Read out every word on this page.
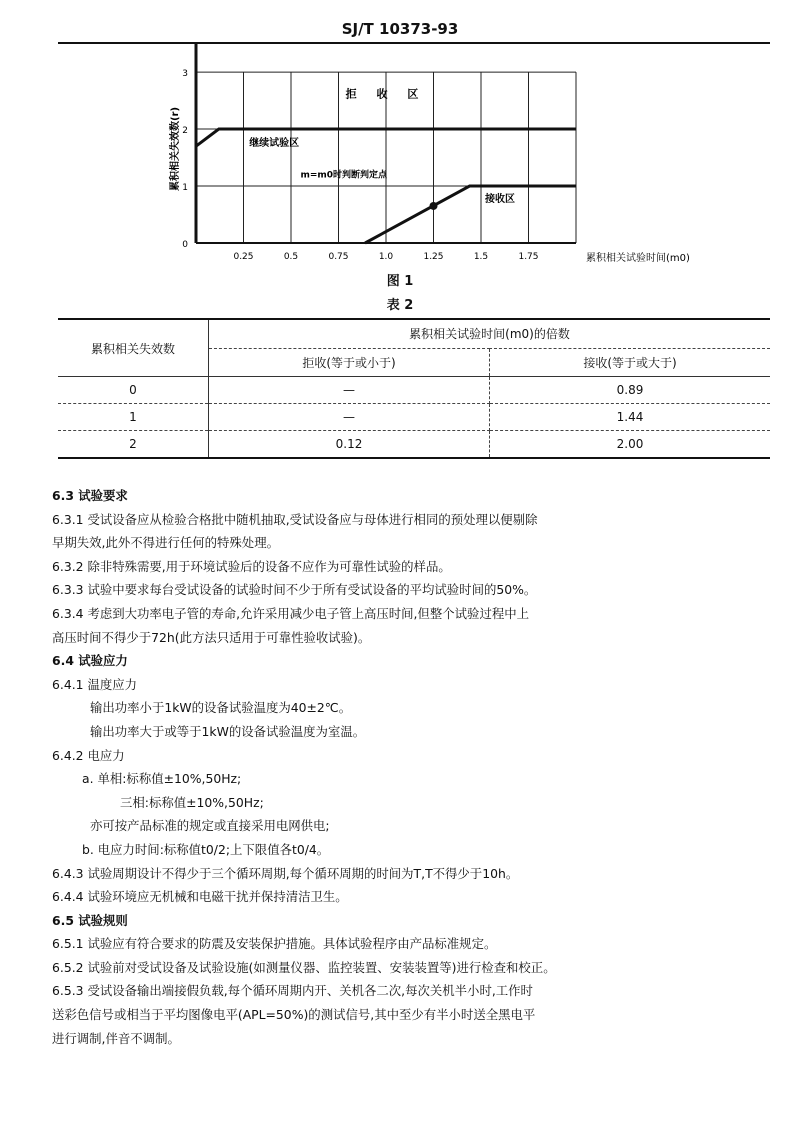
SJ/T 10373-93
0
1
2
3
0.25	0.5	0.75	1.0	1.25	1.5	1.75	累积相关试验时间(m0)
累积相关失效数(r)
拒 收 区
继续试验区
接收区
m=m0时判断判定点
图 1
表 2
累积相关失效数	累积相关试验时间(m0)的倍数	
	拒收(等于或小于)	接收(等于或大于)
0	—	0.89
1	—	1.44
2	0.12	2.00

6.3 试验要求

6.3.1 受试设备应从检验合格批中随机抽取,受试设备应与母体进行相同的预处理以便剔除

早期失效,此外不得进行任何的特殊处理。

6.3.2 除非特殊需要,用于环境试验后的设备不应作为可靠性试验的样品。

6.3.3 试验中要求每台受试设备的试验时间不少于所有受试设备的平均试验时间的50%。

6.3.4 考虑到大功率电子管的寿命,允许采用减少电子管上高压时间,但整个试验过程中上

高压时间不得少于72h(此方法只适用于可靠性验收试验)。

6.4 试验应力

6.4.1 温度应力

输出功率小于1kW的设备试验温度为40±2℃。

输出功率大于或等于1kW的设备试验温度为室温。

6.4.2 电应力

a. 单相:标称值±10%,50Hz;

三相:标称值±10%,50Hz;

亦可按产品标准的规定或直接采用电网供电;

b. 电应力时间:标称值t0/2;上下限值各t0/4。

6.4.3 试验周期设计不得少于三个循环周期,每个循环周期的时间为T,T不得少于10h。

6.4.4 试验环境应无机械和电磁干扰并保持清洁卫生。

6.5 试验规则

6.5.1 试验应有符合要求的防震及安装保护措施。具体试验程序由产品标准规定。

6.5.2 试验前对受试设备及试验设施(如测量仪器、监控装置、安装装置等)进行检查和校正。

6.5.3 受试设备输出端接假负载,每个循环周期内开、关机各二次,每次关机半小时,工作时

送彩色信号或相当于平均图像电平(APL=50%)的测试信号,其中至少有半小时送全黑电平

进行调制,伴音不调制。
